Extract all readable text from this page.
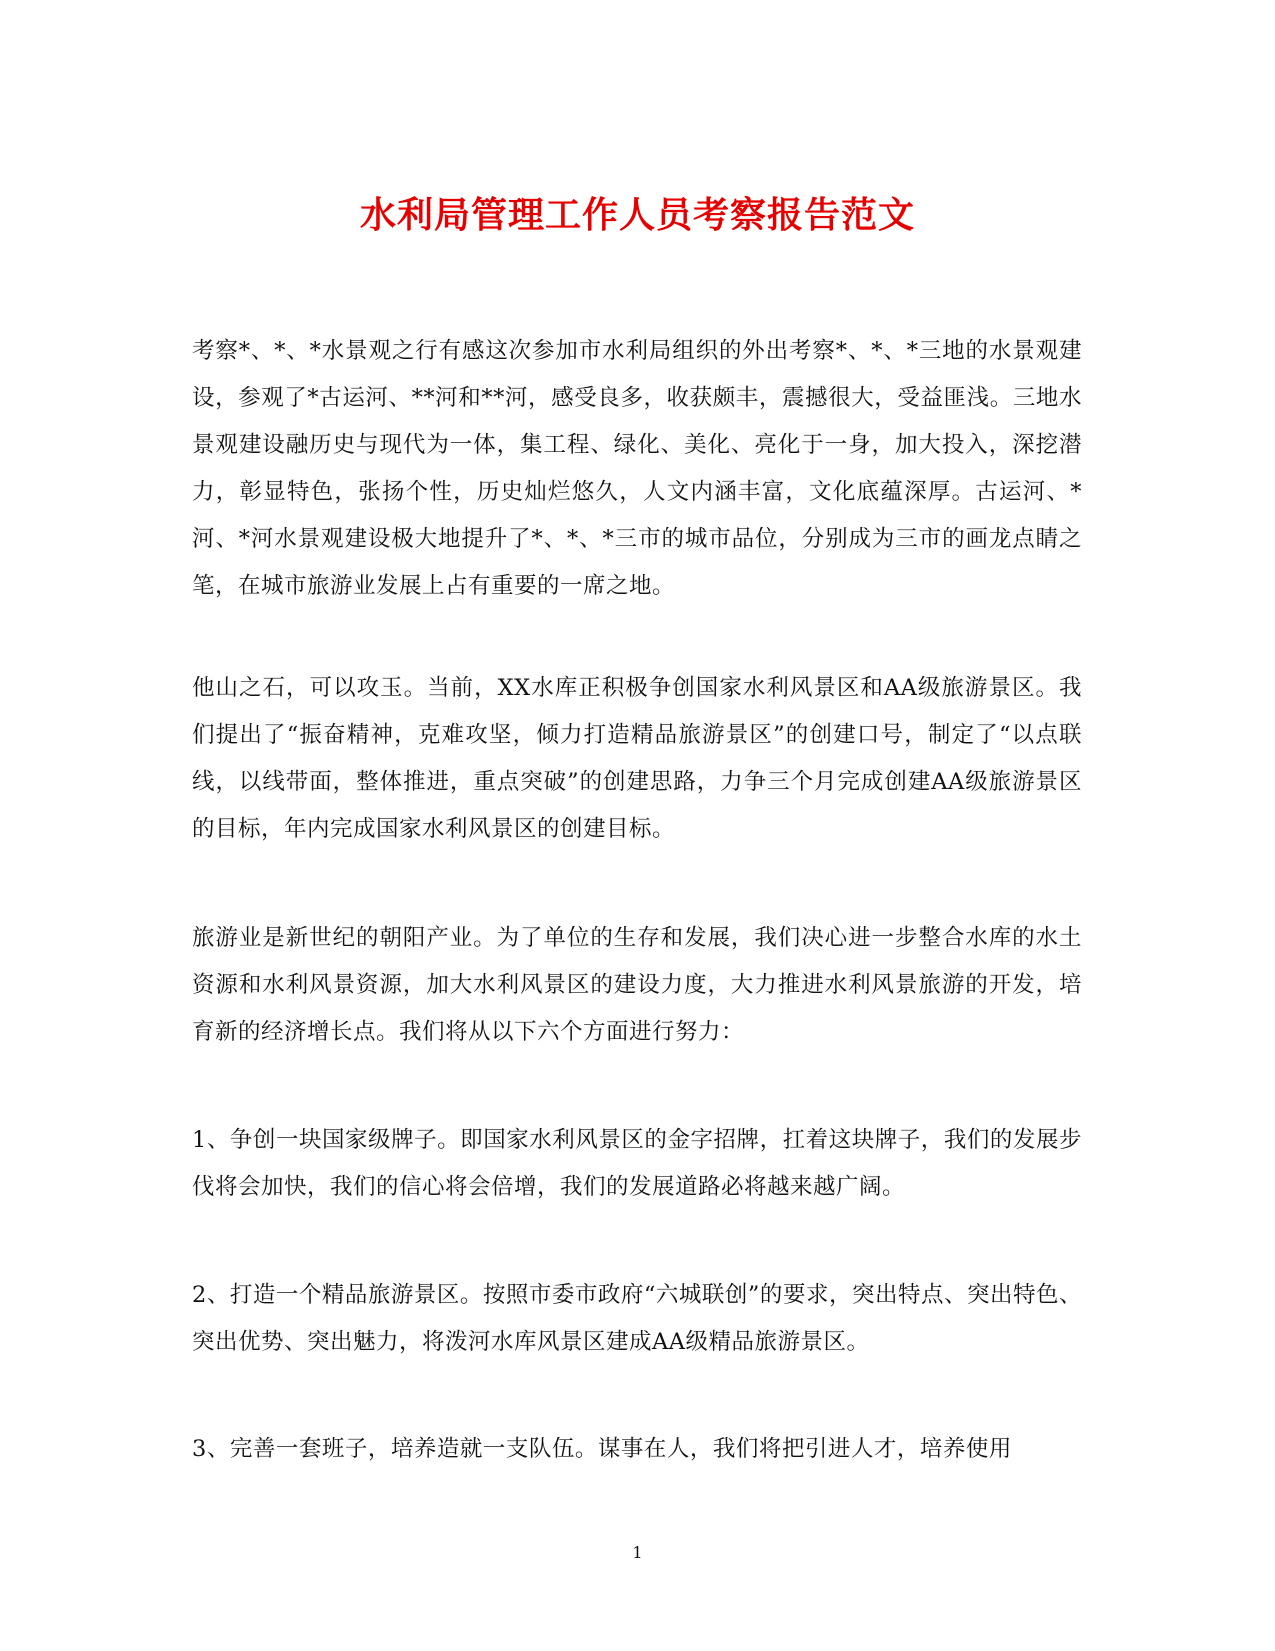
水利局管理工作人员考察报告范文

考察*、*、*水景观之行有感这次参加市水利局组织的外出考察*、*、*三地的水景观建设，参观了*古运河、**河和**河，感受良多，收获颇丰，震撼很大，受益匪浅。三地水景观建设融历史与现代为一体，集工程、绿化、美化、亮化于一身，加大投入，深挖潜力，彰显特色，张扬个性，历史灿烂悠久，人文内涵丰富，文化底蕴深厚。古运河、*河、*河水景观建设极大地提升了*、*、*三市的城市品位，分别成为三市的画龙点睛之笔，在城市旅游业发展上占有重要的一席之地。

他山之石，可以攻玉。当前，XX水库正积极争创国家水利风景区和AA级旅游景区。我们提出了“振奋精神，克难攻坚，倾力打造精品旅游景区”的创建口号，制定了“以点联线，以线带面，整体推进，重点突破”的创建思路，力争三个月完成创建AA级旅游景区的目标，年内完成国家水利风景区的创建目标。

旅游业是新世纪的朝阳产业。为了单位的生存和发展，我们决心进一步整合水库的水土资源和水利风景资源，加大水利风景区的建设力度，大力推进水利风景旅游的开发，培育新的经济增长点。我们将从以下六个方面进行努力：

1、争创一块国家级牌子。即国家水利风景区的金字招牌，扛着这块牌子，我们的发展步伐将会加快，我们的信心将会倍增，我们的发展道路必将越来越广阔。

2、打造一个精品旅游景区。按照市委市政府“六城联创”的要求，突出特点、突出特色、突出优势、突出魅力，将泼河水库风景区建成AA级精品旅游景区。

3、完善一套班子，培养造就一支队伍。谋事在人，我们将把引进人才，培养使用

1
